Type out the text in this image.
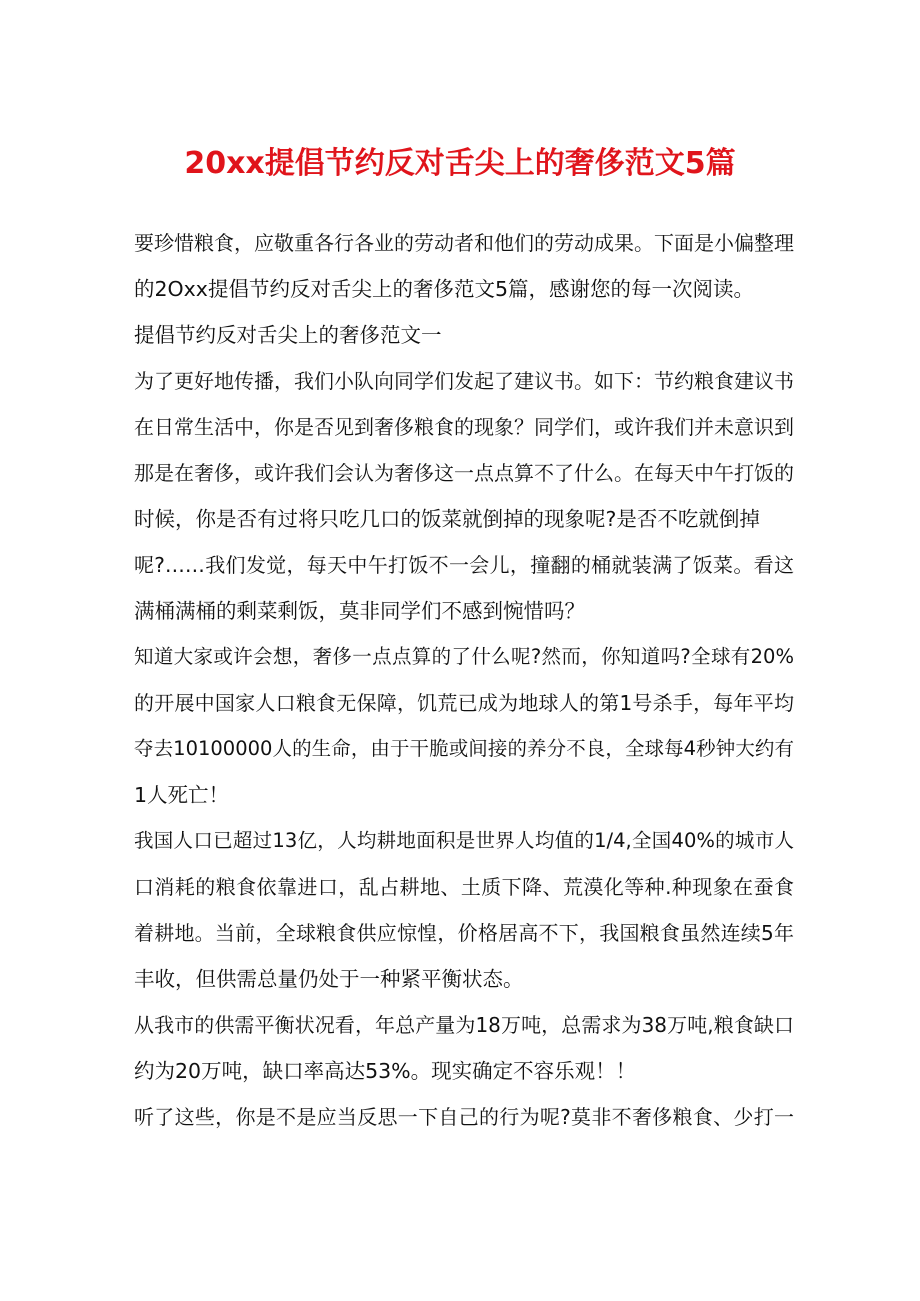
20xx提倡节约反对舌尖上的奢侈范文5篇
要珍惜粮食，应敬重各行各业的劳动者和他们的劳动成果。下面是小偏整理
的2Oxx提倡节约反对舌尖上的奢侈范文5篇，感谢您的每一次阅读。
提倡节约反对舌尖上的奢侈范文一
为了更好地传播，我们小队向同学们发起了建议书。如下：节约粮食建议书
在日常生活中，你是否见到奢侈粮食的现象？同学们，或许我们并未意识到
那是在奢侈，或许我们会认为奢侈这一点点算不了什么。在每天中午打饭的
时候，你是否有过将只吃几口的饭菜就倒掉的现象呢?是否不吃就倒掉
呢?……我们发觉，每天中午打饭不一会儿，撞翻的桶就装满了饭菜。看这
满桶满桶的剩菜剩饭，莫非同学们不感到惋惜吗？
知道大家或许会想，奢侈一点点算的了什么呢?然而，你知道吗?全球有20%
的开展中国家人口粮食无保障，饥荒已成为地球人的第1号杀手，每年平均
夺去10100000人的生命，由于干脆或间接的养分不良，全球每4秒钟大约有
1人死亡！
我国人口已超过13亿，人均耕地面积是世界人均值的1/4,全国40%的城市人
口消耗的粮食依靠进口，乱占耕地、土质下降、荒漠化等种.种现象在蚕食
着耕地。当前，全球粮食供应惊惶，价格居高不下，我国粮食虽然连续5年
丰收，但供需总量仍处于一种紧平衡状态。
从我市的供需平衡状况看，年总产量为18万吨，总需求为38万吨,粮食缺口
约为20万吨，缺口率高达53%。现实确定不容乐观！！
听了这些，你是不是应当反思一下自己的行为呢?莫非不奢侈粮食、少打一
